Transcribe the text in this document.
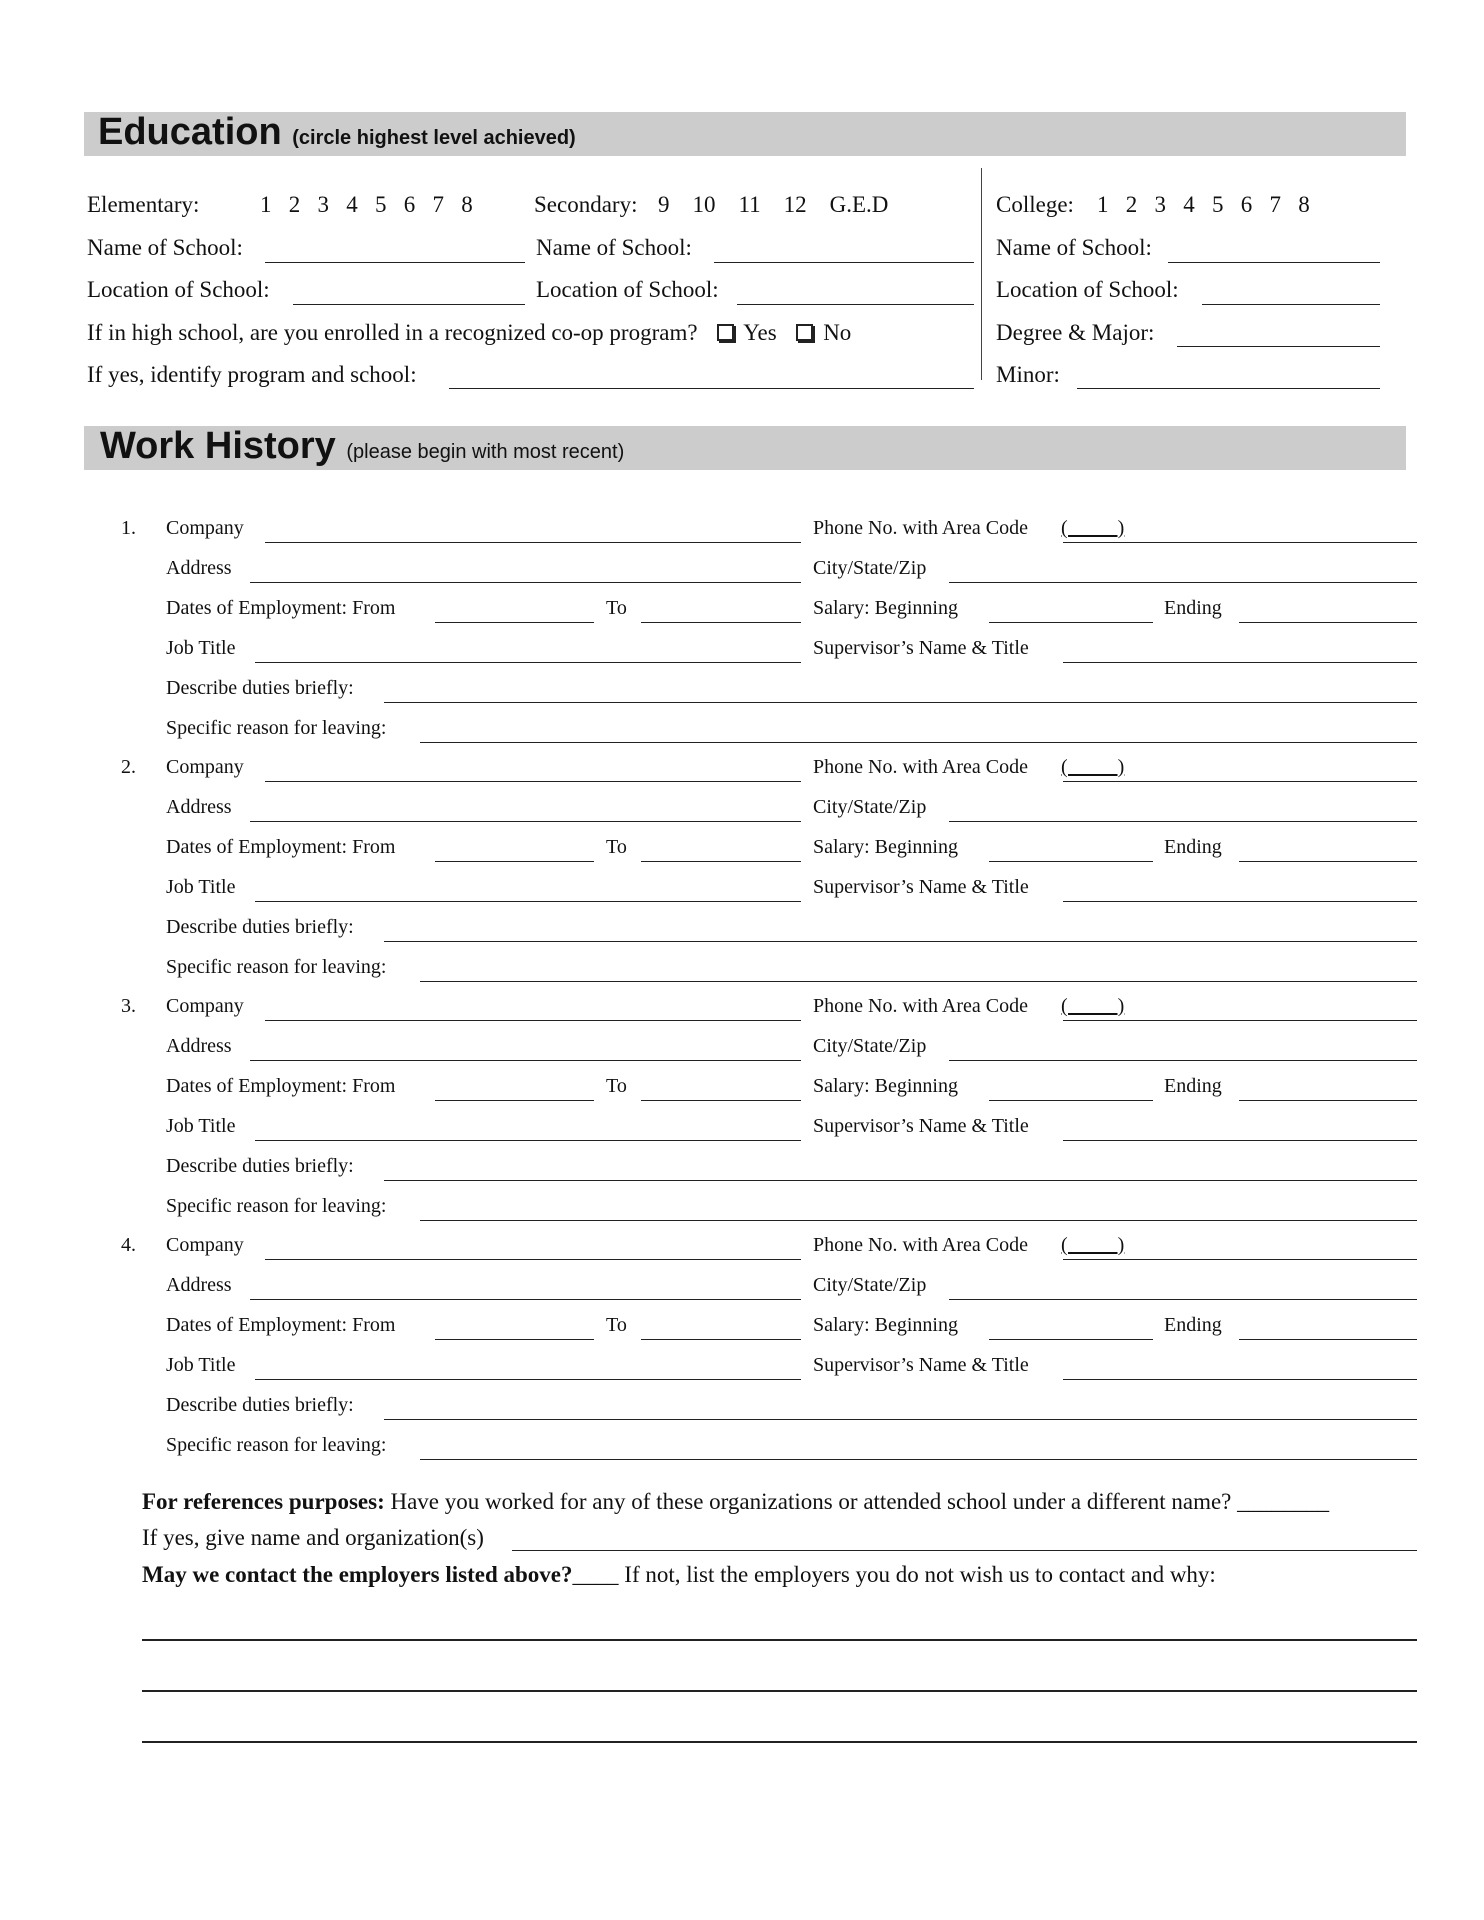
Education (circle highest level achieved)
Elementary:	1   2   3   4   5   6   7   8	Secondary: 9    10    11    12    G.E.D	College: 1   2   3   4   5   6   7   8
Name of School:	Name of School:	Name of School:
Location of School:	Location of School:	Location of School:
If in high school, are you enrolled in a recognized co-op program? Yes No	Degree & Major:
If yes, identify program and school:	Minor:
Work History (please begin with most recent)
1. Company	Phone No. with Area Code (          )
Address	City/State/Zip
Dates of Employment: From	To	Salary: Beginning	Ending
Job Title	Supervisor’s Name & Title
Describe duties briefly:
Specific reason for leaving:
2. Company	Phone No. with Area Code (          )
Address	City/State/Zip
Dates of Employment: From	To	Salary: Beginning	Ending
Job Title	Supervisor’s Name & Title
Describe duties briefly:
Specific reason for leaving:
3. Company	Phone No. with Area Code (          )
Address	City/State/Zip
Dates of Employment: From	To	Salary: Beginning	Ending
Job Title	Supervisor’s Name & Title
Describe duties briefly:
Specific reason for leaving:
4. Company	Phone No. with Area Code (          )
Address	City/State/Zip
Dates of Employment: From	To	Salary: Beginning	Ending
Job Title	Supervisor’s Name & Title
Describe duties briefly:
Specific reason for leaving:
For references purposes: Have you worked for any of these organizations or attended school under a different name? ________
If yes, give name and organization(s)
May we contact the employers listed above?____ If not, list the employers you do not wish us to contact and why:
